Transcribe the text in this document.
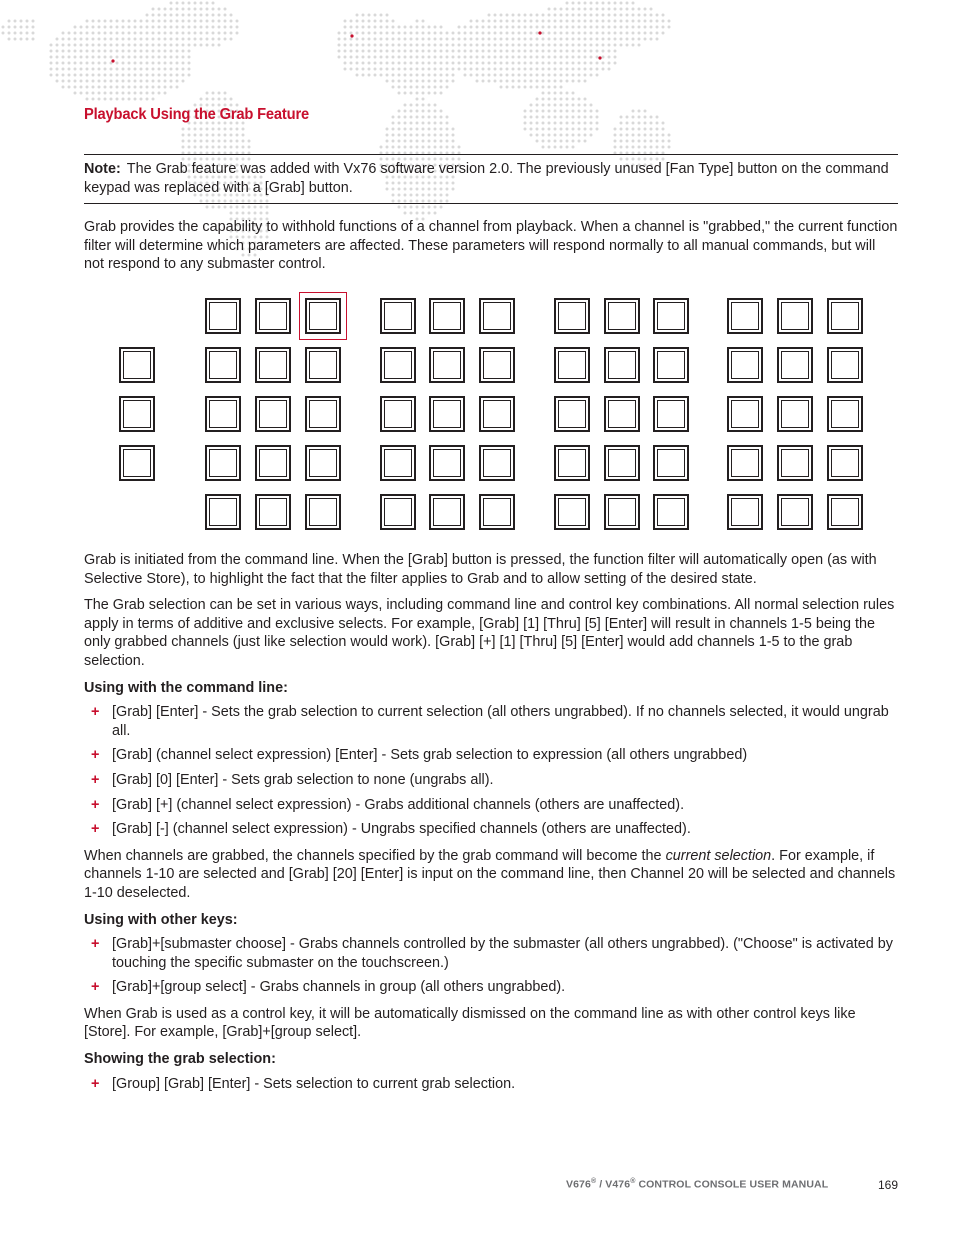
Playback Using the Grab Feature
Note: The Grab feature was added with Vx76 software version 2.0. The previously unused [Fan Type] button on the command keypad was replaced with a [Grab] button.

Grab provides the capability to withhold functions of a channel from playback. When a channel is "grabbed," the current function filter will determine which parameters are affected. These parameters will respond normally to all manual commands, but will not respond to any submaster control.

Grab is initiated from the command line. When the [Grab] button is pressed, the function filter will automatically open (as with Selective Store), to highlight the fact that the filter applies to Grab and to allow setting of the desired state.

The Grab selection can be set in various ways, including command line and control key combinations. All normal selection rules apply in terms of additive and exclusive selects. For example, [Grab] [1] [Thru] [5] [Enter] will result in channels 1-5 being the only grabbed channels (just like selection would work). [Grab] [+] [1] [Thru] [5] [Enter] would add channels 1-5 to the grab selection.

Using with the command line:
+ [Grab] [Enter] - Sets the grab selection to current selection (all others ungrabbed). If no channels selected, it would ungrab all.
+ [Grab] (channel select expression) [Enter] - Sets grab selection to expression (all others ungrabbed)
+ [Grab] [0] [Enter] - Sets grab selection to none (ungrabs all).
+ [Grab] [+] (channel select expression) - Grabs additional channels (others are unaffected).
+ [Grab] [-] (channel select expression) - Ungrabs specified channels (others are unaffected).

When channels are grabbed, the channels specified by the grab command will become the current selection. For example, if channels 1-10 are selected and [Grab] [20] [Enter] is input on the command line, then Channel 20 will be selected and channels 1-10 deselected.

Using with other keys:
+ [Grab]+[submaster choose] - Grabs channels controlled by the submaster (all others ungrabbed). ("Choose" is activated by touching the specific submaster on the touchscreen.)
+ [Grab]+[group select] - Grabs channels in group (all others ungrabbed).

When Grab is used as a control key, it will be automatically dismissed on the command line as with other control keys like [Store]. For example, [Grab]+[group select].

Showing the grab selection:
+ [Group] [Grab] [Enter] - Sets selection to current grab selection.
V676® / V476® CONTROL CONSOLE USER MANUAL	169
